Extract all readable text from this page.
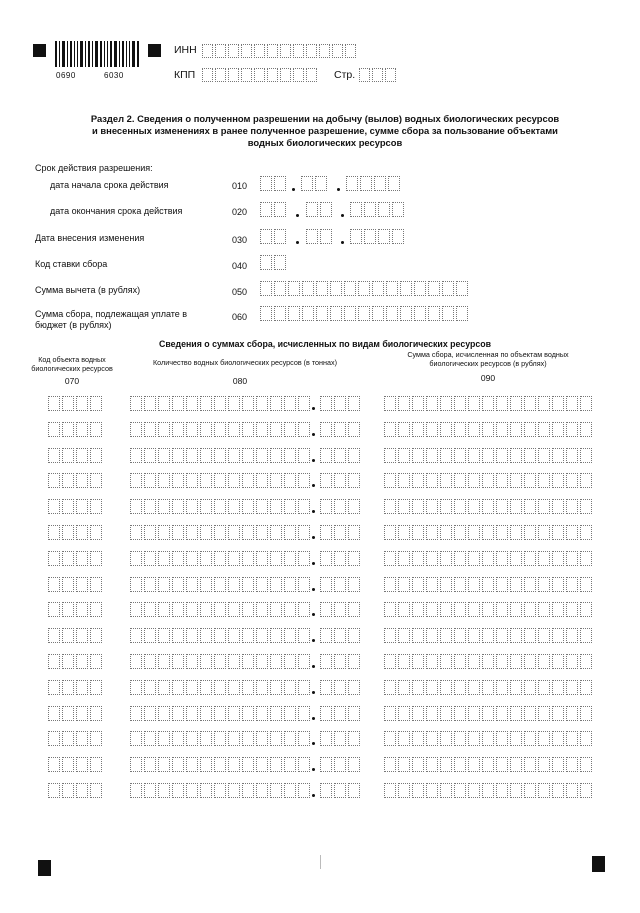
0690	6030
ИНН
КПП	Стр.
Раздел 2. Сведения о полученном разрешении на добычу (вылов) водных биологических ресурсов
и внесенных изменениях в ранее полученное разрешение, сумме сбора за пользование объектами
водных биологических ресурсов
Срок действия разрешения:
дата начала срока действия	010
дата окончания срока действия	020
Дата внесения изменения	030
Код ставки сбора	040
Сумма вычета (в рублях)	050
Сумма сбора, подлежащая уплате в
бюджет (в рублях)
060
Сведения о суммах сбора, исчисленных по видам биологических ресурсов
Код объекта водных
биологических ресурсов
070
Количество водных биологических ресурсов (в тоннах)
080
Сумма сбора, исчисленная по объектам водных
биологических ресурсов (в рублях)
090
